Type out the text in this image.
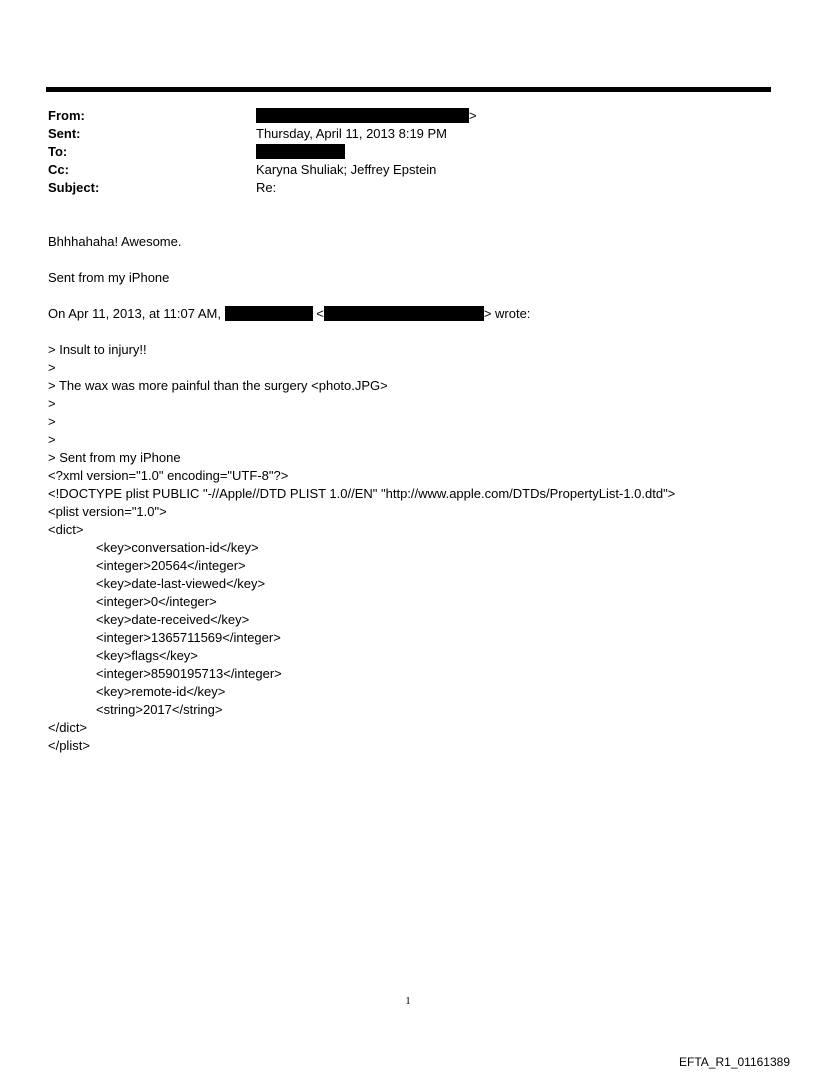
From:	>
Sent:	Thursday, April 11, 2013 8:19 PM
To:
Cc:	Karyna Shuliak; Jeffrey Epstein
Subject:	Re:

Bhhhahaha! Awesome.

Sent from my iPhone

On Apr 11, 2013, at 11:07 AM,	<	> wrote:

> Insult to injury!!
>
> The wax was more painful than the surgery <photo.JPG>
>
>
>
> Sent from my iPhone
<?xml version="1.0" encoding="UTF-8"?>
<!DOCTYPE plist PUBLIC "-//Apple//DTD PLIST 1.0//EN" "http://www.apple.com/DTDs/PropertyList-1.0.dtd">
<plist version="1.0">
<dict>
<key>conversation-id</key>
<integer>20564</integer>
<key>date-last-viewed</key>
<integer>0</integer>
<key>date-received</key>
<integer>1365711569</integer>
<key>flags</key>
<integer>8590195713</integer>
<key>remote-id</key>
<string>2017</string>
</dict>
</plist>
1
EFTA_R1_01161389
